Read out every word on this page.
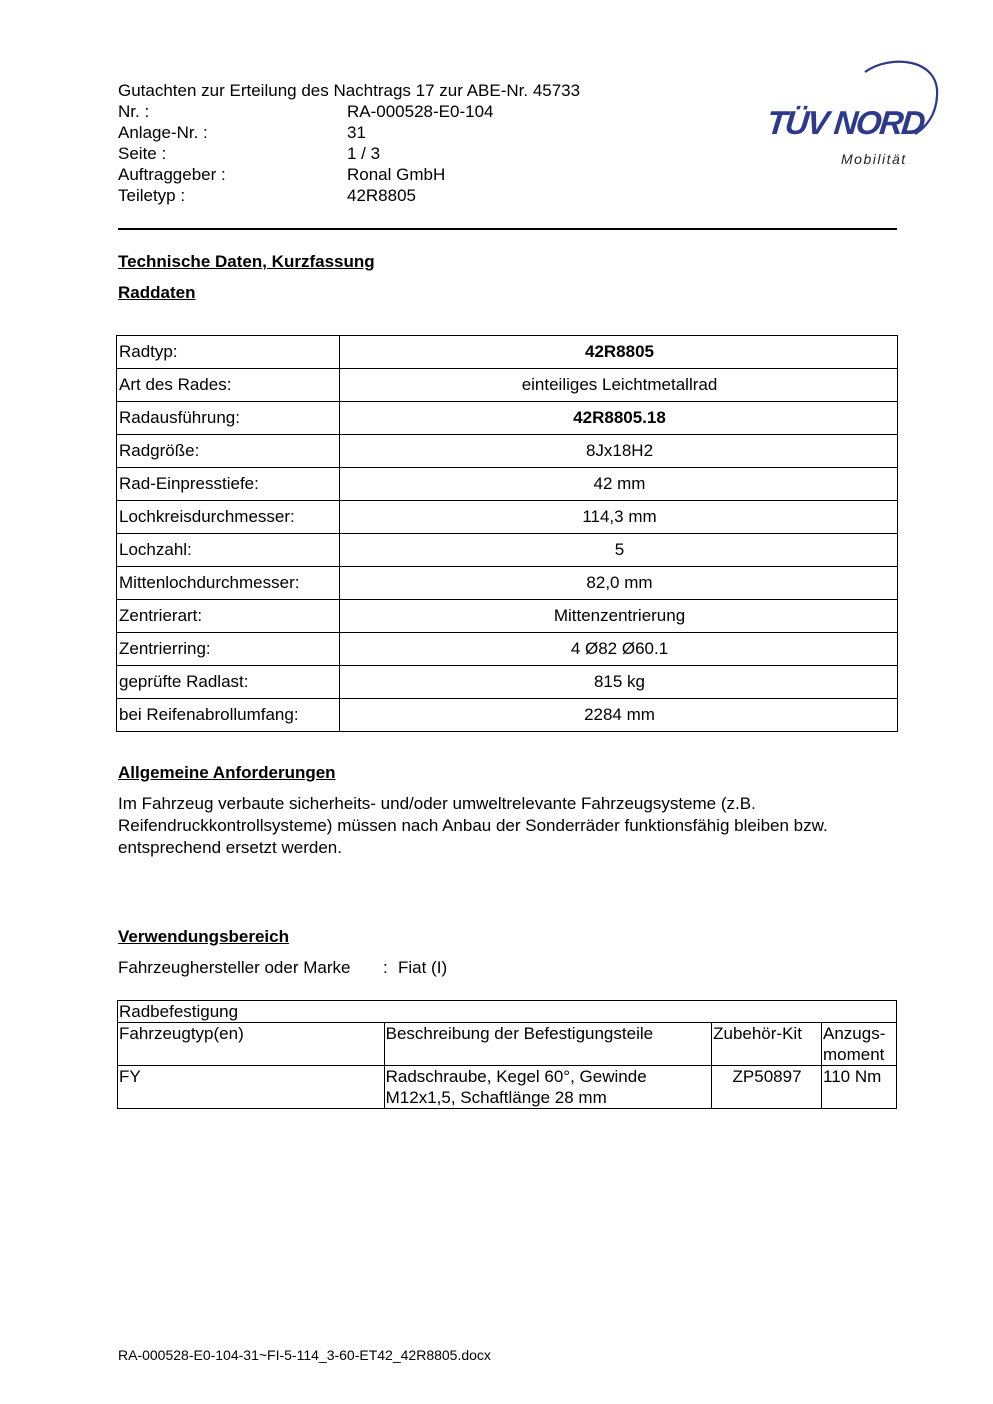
Gutachten zur Erteilung des Nachtrags 17 zur ABE-Nr. 45733
Nr. :	RA-000528-E0-104
Anlage-Nr. :	31
Seite :	1 / 3
Auftraggeber :	Ronal GmbH
Teiletyp :	42R8805
TÜV NORD
Mobilität
Technische Daten, Kurzfassung
Raddaten
Radtyp:	42R8805
Art des Rades:	einteiliges Leichtmetallrad
Radausführung:	42R8805.18
Radgröße:	8Jx18H2
Rad-Einpresstiefe:	42 mm
Lochkreisdurchmesser:	114,3 mm
Lochzahl:	5
Mittenlochdurchmesser:	82,0 mm
Zentrierart:	Mittenzentrierung
Zentrierring:	4 Ø82 Ø60.1
geprüfte Radlast:	815 kg
bei Reifenabrollumfang:	2284 mm
Allgemeine Anforderungen
Im Fahrzeug verbaute sicherheits- und/oder umweltrelevante Fahrzeugsysteme (z.B. Reifendruckkontrollsysteme) müssen nach Anbau der Sonderräder funktionsfähig bleiben bzw. entsprechend ersetzt werden.
Verwendungsbereich
Fahrzeughersteller oder Marke : Fiat (I)
Radbefestigung			
Fahrzeugtyp(en)	Beschreibung der Befestigungsteile	Zubehör-Kit	Anzugs-moment
FY	Radschraube, Kegel 60°, Gewinde M12x1,5, Schaftlänge 28 mm	ZP50897	110 Nm
RA-000528-E0-104-31~FI-5-114_3-60-ET42_42R8805.docx
